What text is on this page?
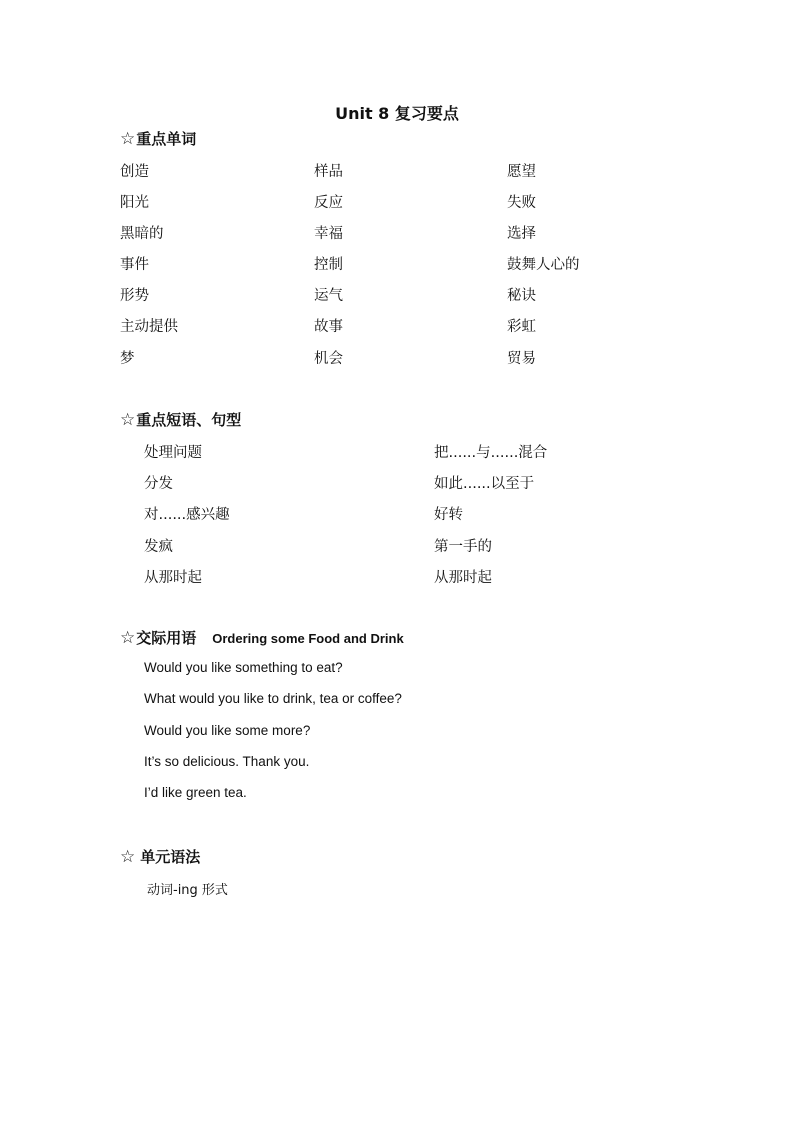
Unit 8 复习要点
☆重点单词
创造	样品	愿望
阳光	反应	失败
黑暗的	幸福	选择
事件	控制	鼓舞人心的
形势	运气	秘诀
主动提供	故事	彩虹
梦	机会	贸易
☆重点短语、句型
处理问题	把......与......混合
分发	如此......以至于
对......感兴趣	好转
发疯	第一手的
从那时起	从那时起
☆交际用语 Ordering some Food and Drink
Would you like something to eat?
What would you like to drink, tea or coffee?
Would you like some more?
It’s so delicious. Thank you.
I’d like green tea.
☆ 单元语法
动词-ing 形式
